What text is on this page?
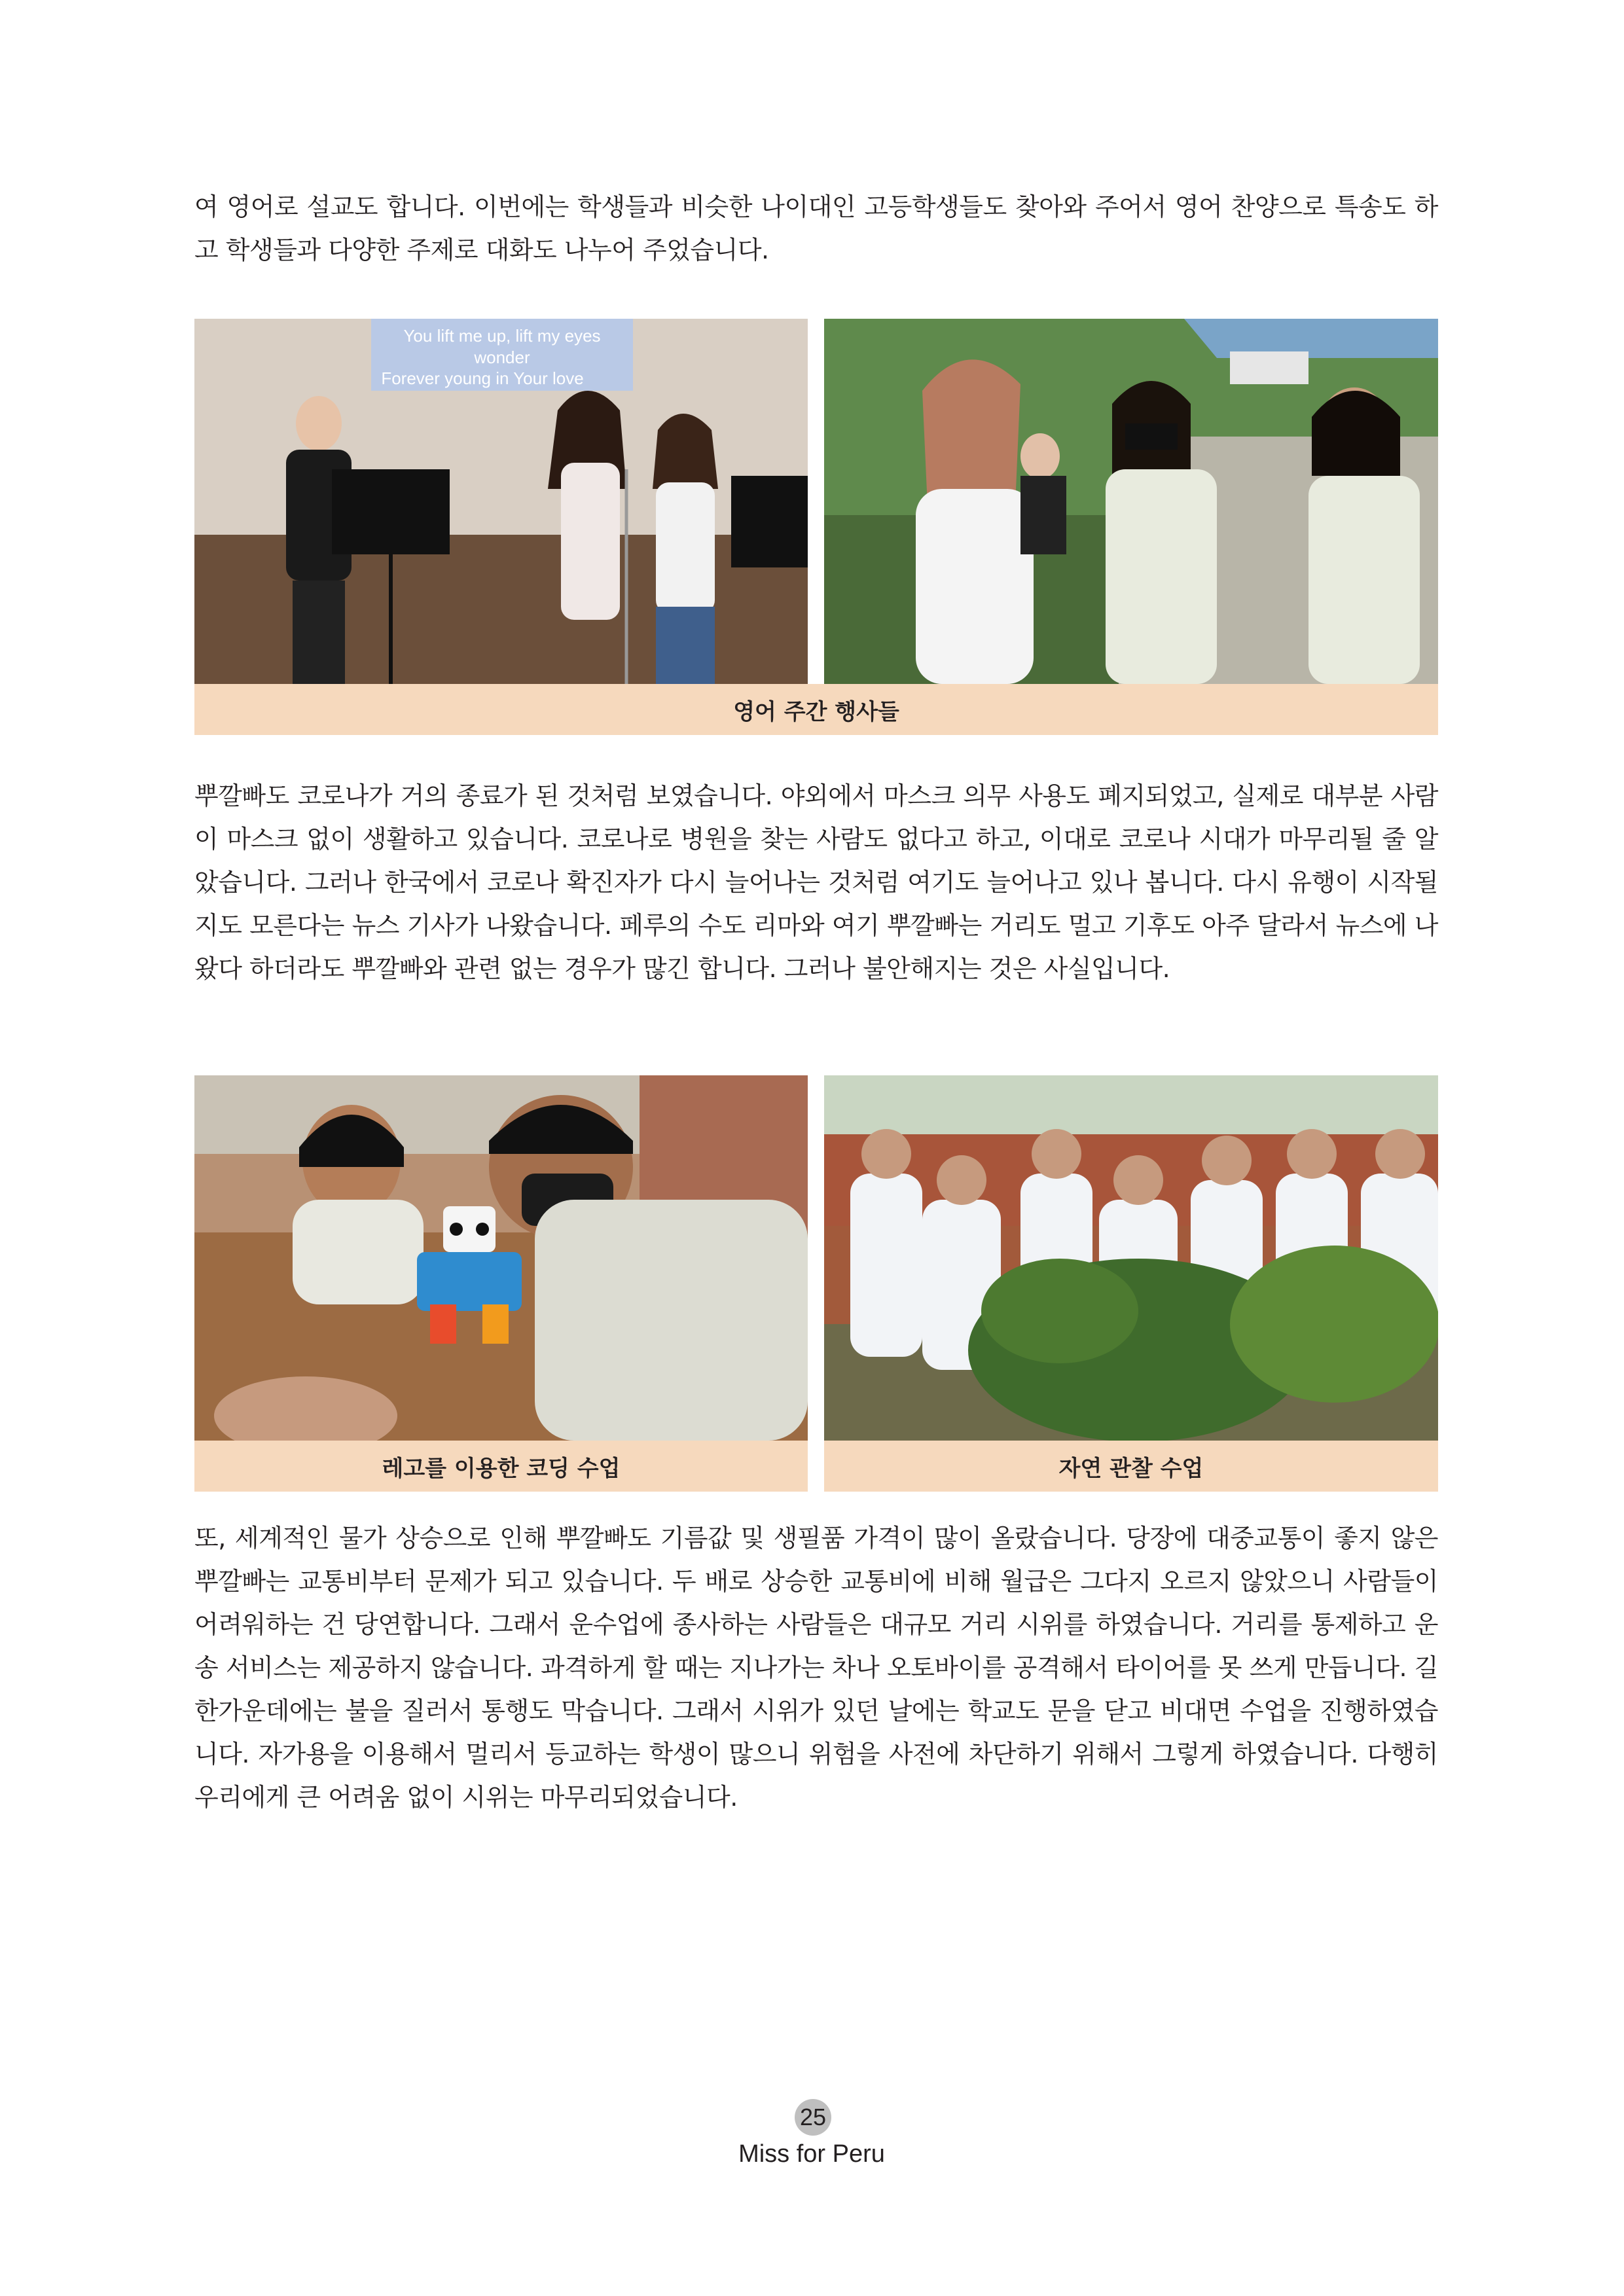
여 영어로 설교도 합니다. 이번에는 학생들과 비슷한 나이대인 고등학생들도 찾아와 주어서 영어 찬양으로 특송도 하고 학생들과 다양한 주제로 대화도 나누어 주었습니다.

You lift me up, lift my eyes
wonder
Forever young in Your love
영어 주간 행사들

뿌깔빠도 코로나가 거의 종료가 된 것처럼 보였습니다. 야외에서 마스크 의무 사용도 폐지되었고, 실제로 대부분 사람이 마스크 없이 생활하고 있습니다. 코로나로 병원을 찾는 사람도 없다고 하고, 이대로 코로나 시대가 마무리될 줄 알았습니다. 그러나 한국에서 코로나 확진자가 다시 늘어나는 것처럼 여기도 늘어나고 있나 봅니다. 다시 유행이 시작될지도 모른다는 뉴스 기사가 나왔습니다. 페루의 수도 리마와 여기 뿌깔빠는 거리도 멀고 기후도 아주 달라서 뉴스에 나왔다 하더라도 뿌깔빠와 관련 없는 경우가 많긴 합니다. 그러나 불안해지는 것은 사실입니다.

레고를 이용한 코딩 수업	자연 관찰 수업

또, 세계적인 물가 상승으로 인해 뿌깔빠도 기름값 및 생필품 가격이 많이 올랐습니다. 당장에 대중교통이 좋지 않은 뿌깔빠는 교통비부터 문제가 되고 있습니다. 두 배로 상승한 교통비에 비해 월급은 그다지 오르지 않았으니 사람들이 어려워하는 건 당연합니다. 그래서 운수업에 종사하는 사람들은 대규모 거리 시위를 하였습니다. 거리를 통제하고 운송 서비스는 제공하지 않습니다. 과격하게 할 때는 지나가는 차나 오토바이를 공격해서 타이어를 못 쓰게 만듭니다. 길 한가운데에는 불을 질러서 통행도 막습니다. 그래서 시위가 있던 날에는 학교도 문을 닫고 비대면 수업을 진행하였습니다. 자가용을 이용해서 멀리서 등교하는 학생이 많으니 위험을 사전에 차단하기 위해서 그렇게 하였습니다. 다행히 우리에게 큰 어려움 없이 시위는 마무리되었습니다.

25
Miss for Peru
